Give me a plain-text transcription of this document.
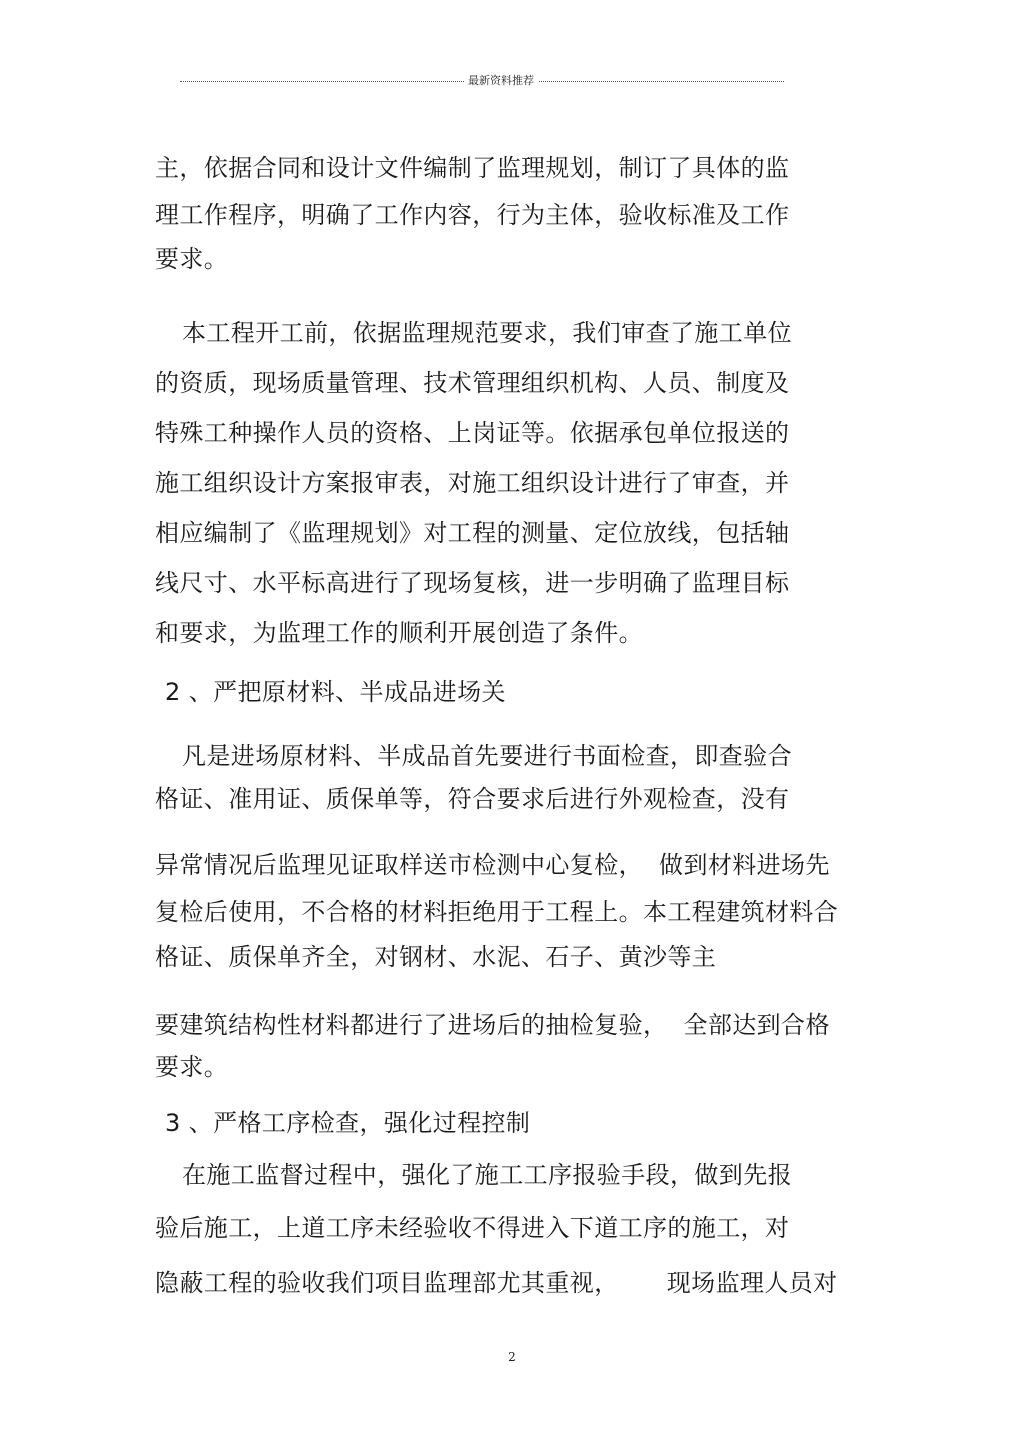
最新资料推荐
主，依据合同和设计文件编制了监理规划，制订了具体的监
理工作程序，明确了工作内容，行为主体，验收标准及工作
要求。
本工程开工前，依据监理规范要求，我们审查了施工单位
的资质，现场质量管理、技术管理组织机构、人员、制度及
特殊工种操作人员的资格、上岗证等。依据承包单位报送的
施工组织设计方案报审表，对施工组织设计进行了审查，并
相应编制了《监理规划》对工程的测量、定位放线，包括轴
线尺寸、水平标高进行了现场复核，进一步明确了监理目标
和要求，为监理工作的顺利开展创造了条件。
2 、严把原材料、半成品进场关
凡是进场原材料、半成品首先要进行书面检查，即查验合
格证、准用证、质保单等，符合要求后进行外观检查，没有
异常情况后监理见证取样送市检测中心复检，  做到材料进场先
复检后使用，不合格的材料拒绝用于工程上。本工程建筑材料合
格证、质保单齐全，对钢材、水泥、石子、黄沙等主
要建筑结构性材料都进行了进场后的抽检复验，  全部达到合格
要求。
3 、严格工序检查，强化过程控制
在施工监督过程中，强化了施工工序报验手段，做到先报
验后施工，上道工序未经验收不得进入下道工序的施工，对
隐蔽工程的验收我们项目监理部尤其重视，      现场监理人员对
2
